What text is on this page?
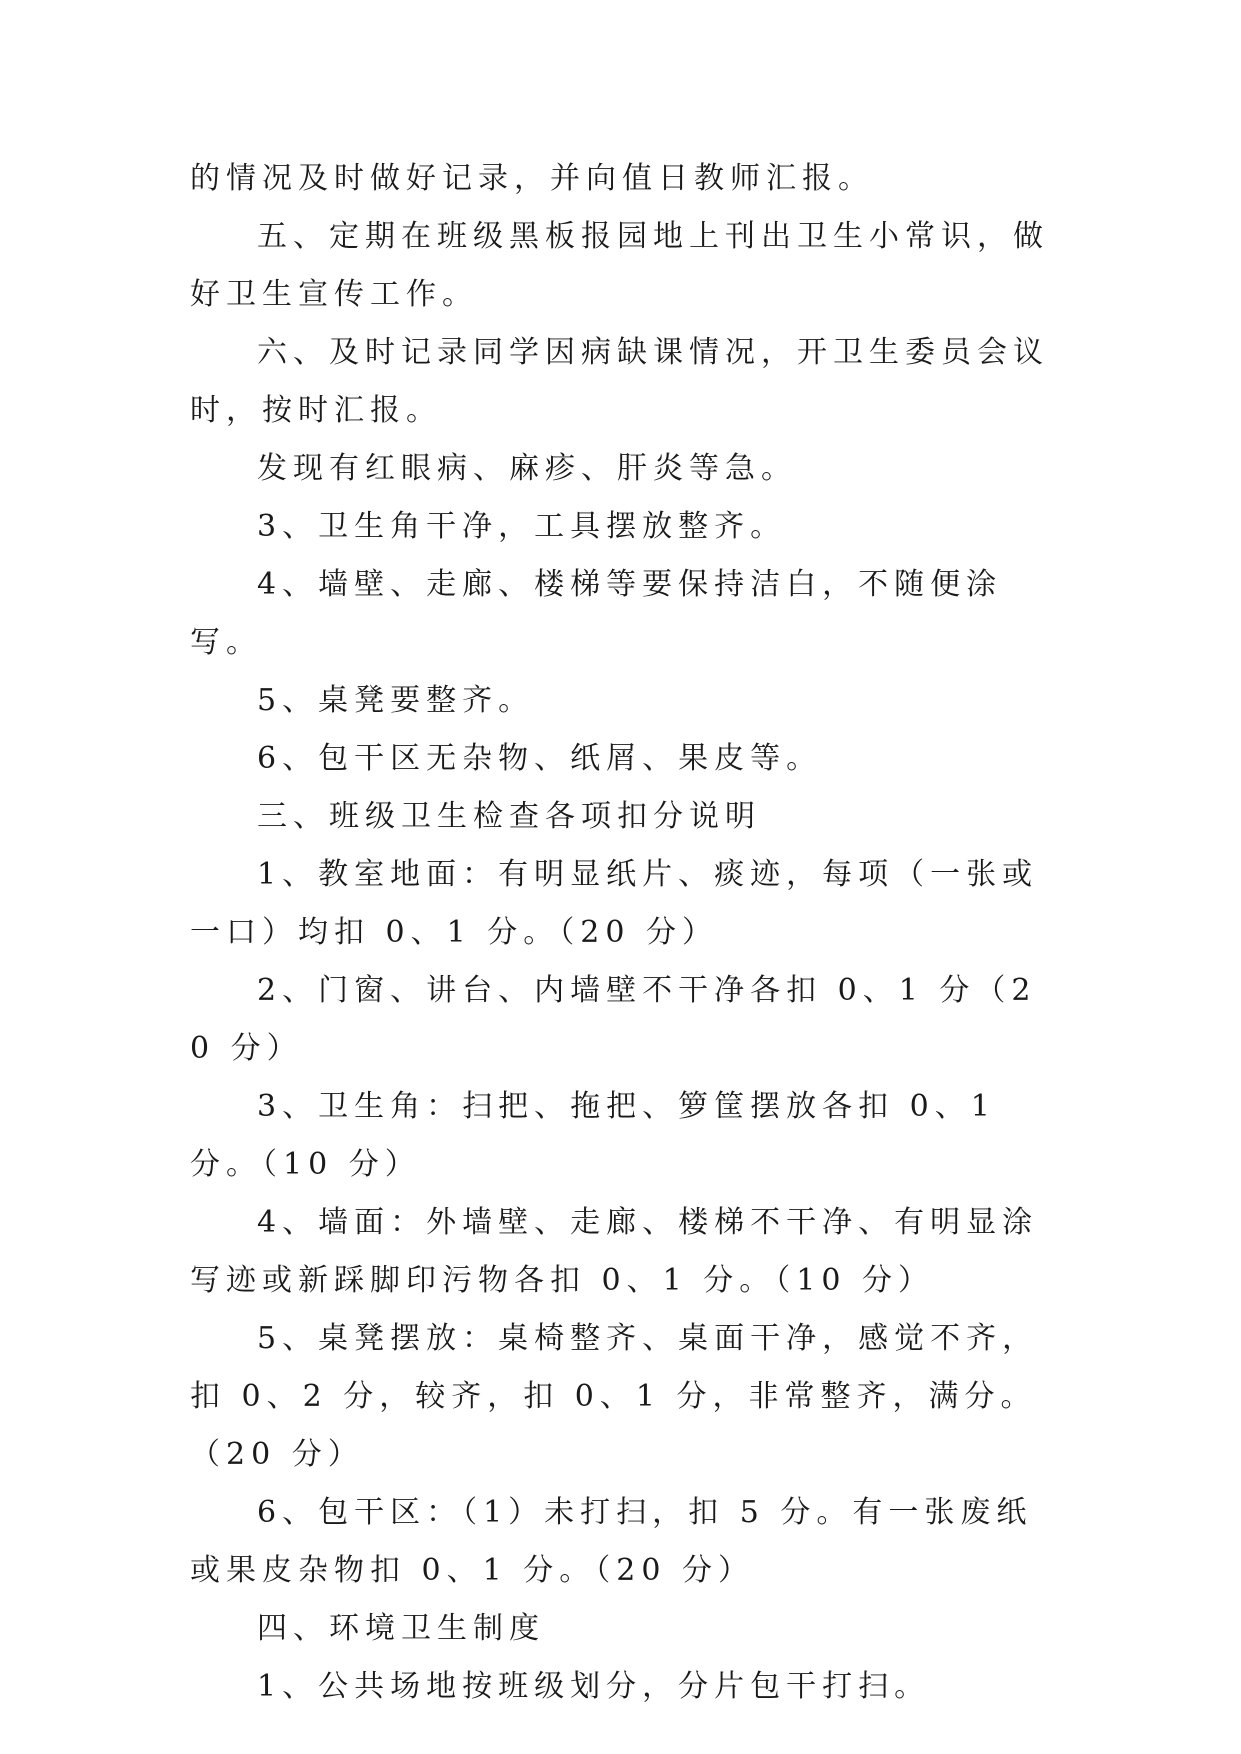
的情况及时做好记录，并向值日教师汇报。

五、定期在班级黑板报园地上刊出卫生小常识，做好卫生宣传工作。

六、及时记录同学因病缺课情况，开卫生委员会议时，按时汇报。

发现有红眼病、麻疹、肝炎等急。

3、卫生角干净，工具摆放整齐。

4、墙壁、走廊、楼梯等要保持洁白，不随便涂写。

5、桌凳要整齐。

6、包干区无杂物、纸屑、果皮等。

三、班级卫生检查各项扣分说明

1、教室地面：有明显纸片、痰迹，每项（一张或一口）均扣 0、1 分。（20 分）

2、门窗、讲台、内墙壁不干净各扣 0、1 分（20 分）

3、卫生角：扫把、拖把、箩筐摆放各扣 0、1 分。（10 分）

4、墙面：外墙壁、走廊、楼梯不干净、有明显涂写迹或新踩脚印污物各扣 0、1 分。（10 分）

5、桌凳摆放：桌椅整齐、桌面干净，感觉不齐，扣 0、2 分，较齐，扣 0、1 分，非常整齐，满分。（20 分）

6、包干区：（1）未打扫，扣 5 分。有一张废纸或果皮杂物扣 0、1 分。（20 分）

四、环境卫生制度

1、公共场地按班级划分，分片包干打扫。
